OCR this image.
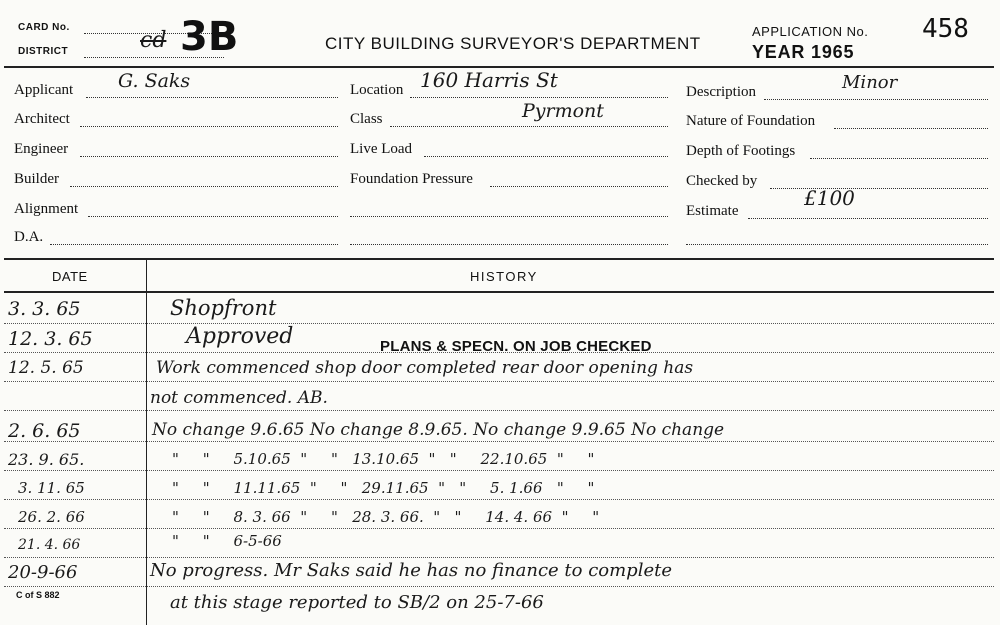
CARD No.
DISTRICT	cd 3B	CITY BUILDING SURVEYOR'S DEPARTMENT
APPLICATION No. 458
YEAR 1965
Applicant G. Saks
Architect
Engineer
Builder
Alignment
D.A.
Location 160 Harris St
Class	Pyrmont
Live Load
Foundation Pressure
Description	Minor
Nature of Foundation
Depth of Footings
Checked by
Estimate
£100
DATE	HISTORY
3. 3. 65	Shopfront
12. 3. 65	Approved	PLANS & SPECN. ON JOB CHECKED
12. 5. 65	Work commenced shop door completed rear door opening has
not commenced. AB.
2. 6. 65	No change 9.6.65 No change 8.9.65. No change 9.9.65 No change
23. 9. 65.	"     "     5.10.65  "     "   13.10.65  "   "     22.10.65  "     "
3. 11. 65	"     "     11.11.65  "     "   29.11.65  "   "     5. 1.66   "     "
26. 2. 66	"     "     8. 3. 66  "     "   28. 3. 66.  "   "     14. 4. 66  "     "
21. 4. 66	"     "     6-5-66
20-9-66	No progress. Mr Saks said he has no finance to complete
at this stage reported to SB/2 on 25-7-66
C of S 882
